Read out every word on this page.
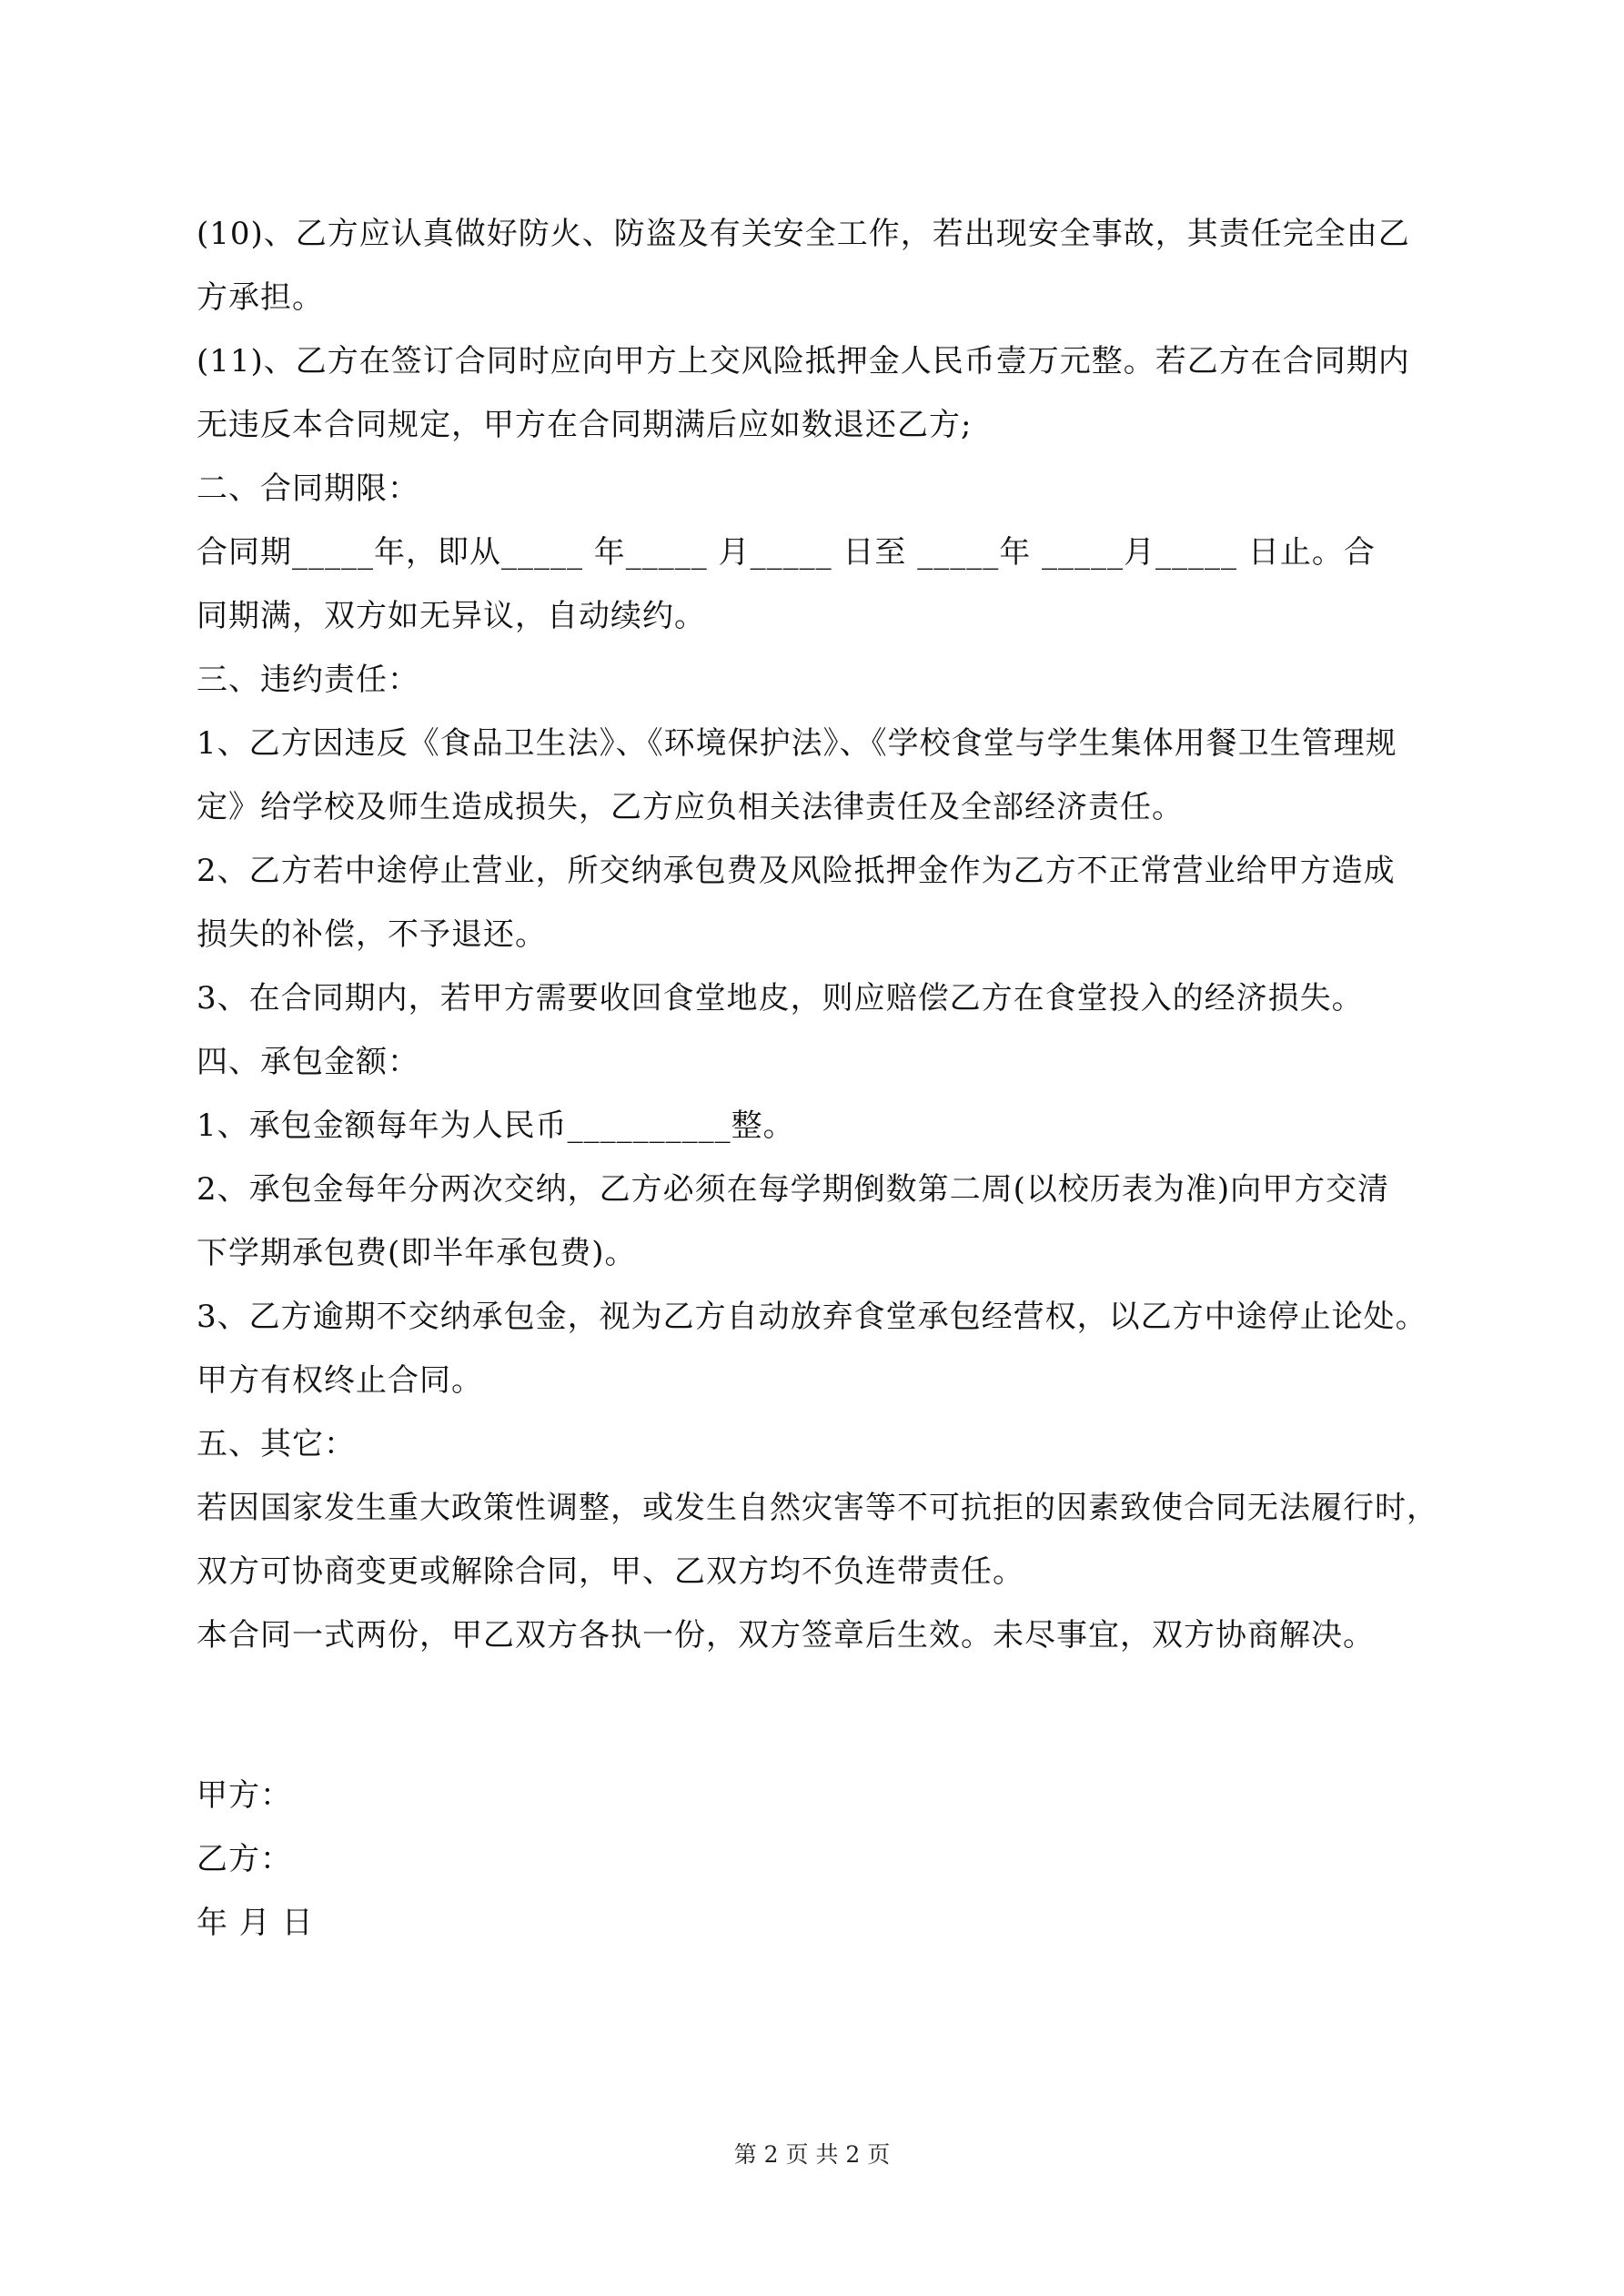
(10)、乙方应认真做好防火、防盗及有关安全工作，若出现安全事故，其责任完全由乙
方承担。
(11)、乙方在签订合同时应向甲方上交风险抵押金人民币壹万元整。若乙方在合同期内
无违反本合同规定，甲方在合同期满后应如数退还乙方;
二、合同期限：
合同期_____年，即从_____ 年_____ 月_____ 日至 _____年 _____月_____ 日止。合
同期满，双方如无异议，自动续约。
三、违约责任：
1、乙方因违反《食品卫生法》、《环境保护法》、《学校食堂与学生集体用餐卫生管理规
定》给学校及师生造成损失，乙方应负相关法律责任及全部经济责任。
2、乙方若中途停止营业，所交纳承包费及风险抵押金作为乙方不正常营业给甲方造成
损失的补偿，不予退还。
3、在合同期内，若甲方需要收回食堂地皮，则应赔偿乙方在食堂投入的经济损失。
四、承包金额：
1、承包金额每年为人民币__________整。
2、承包金每年分两次交纳，乙方必须在每学期倒数第二周(以校历表为准)向甲方交清
下学期承包费(即半年承包费)。
3、乙方逾期不交纳承包金，视为乙方自动放弃食堂承包经营权，以乙方中途停止论处。
甲方有权终止合同。
五、其它：
若因国家发生重大政策性调整，或发生自然灾害等不可抗拒的因素致使合同无法履行时，
双方可协商变更或解除合同，甲、乙双方均不负连带责任。
本合同一式两份，甲乙双方各执一份，双方签章后生效。未尽事宜，双方协商解决。
甲方：
乙方：
年 月 日
第 2 页 共 2 页
